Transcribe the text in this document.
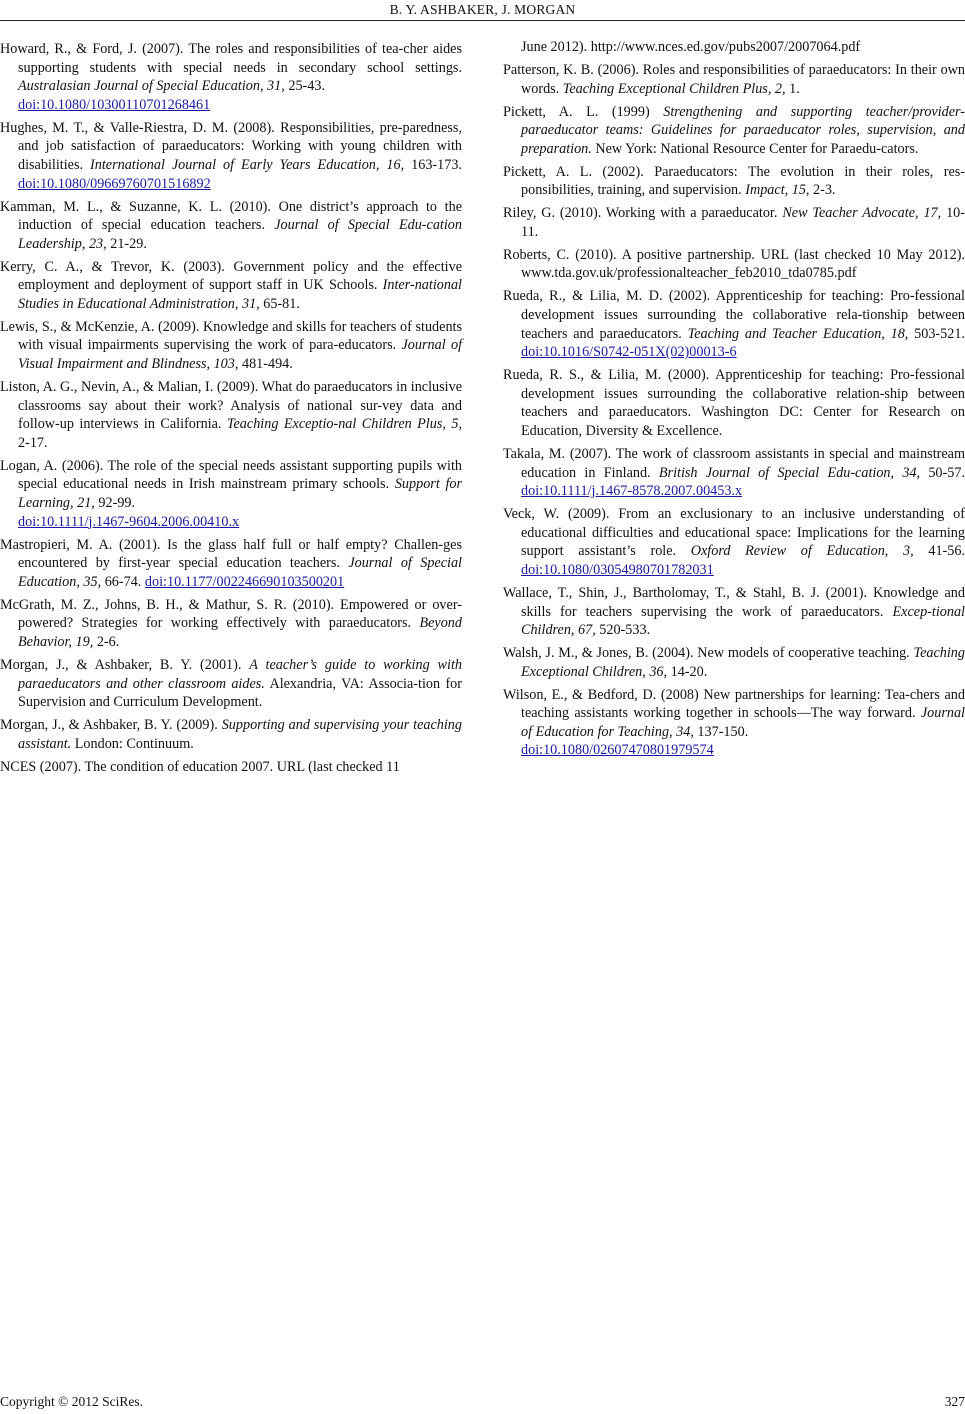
B. Y. ASHBAKER, J. MORGAN

Howard, R., & Ford, J. (2007). The roles and responsibilities of tea-cher aides supporting students with special needs in secondary school settings. Australasian Journal of Special Education, 31, 25-43.
doi:10.1080/10300110701268461

Hughes, M. T., & Valle-Riestra, D. M. (2008). Responsibilities, pre-paredness, and job satisfaction of paraeducators: Working with young children with disabilities. International Journal of Early Years Education, 16, 163-173. doi:10.1080/09669760701516892

Kamman, M. L., & Suzanne, K. L. (2010). One district’s approach to the induction of special education teachers. Journal of Special Edu-cation Leadership, 23, 21-29.

Kerry, C. A., & Trevor, K. (2003). Government policy and the effective employment and deployment of support staff in UK Schools. Inter-national Studies in Educational Administration, 31, 65-81.

Lewis, S., & McKenzie, A. (2009). Knowledge and skills for teachers of students with visual impairments supervising the work of para-educators. Journal of Visual Impairment and Blindness, 103, 481-494.

Liston, A. G., Nevin, A., & Malian, I. (2009). What do paraeducators in inclusive classrooms say about their work? Analysis of national sur-vey data and follow-up interviews in California. Teaching Exceptio-nal Children Plus, 5, 2-17.

Logan, A. (2006). The role of the special needs assistant supporting pupils with special educational needs in Irish mainstream primary schools. Support for Learning, 21, 92-99.
doi:10.1111/j.1467-9604.2006.00410.x

Mastropieri, M. A. (2001). Is the glass half full or half empty? Challen-ges encountered by first-year special education teachers. Journal of Special Education, 35, 66-74. doi:10.1177/002246690103500201

McGrath, M. Z., Johns, B. H., & Mathur, S. R. (2010). Empowered or over-powered? Strategies for working effectively with paraeducators. Beyond Behavior, 19, 2-6.

Morgan, J., & Ashbaker, B. Y. (2001). A teacher’s guide to working with paraeducators and other classroom aides. Alexandria, VA: Associa-tion for Supervision and Curriculum Development.

Morgan, J., & Ashbaker, B. Y. (2009). Supporting and supervising your teaching assistant. London: Continuum.

NCES (2007). The condition of education 2007. URL (last checked 11

June 2012). http://www.nces.ed.gov/pubs2007/2007064.pdf

Patterson, K. B. (2006). Roles and responsibilities of paraeducators: In their own words. Teaching Exceptional Children Plus, 2, 1.

Pickett, A. L. (1999) Strengthening and supporting teacher/provider-paraeducator teams: Guidelines for paraeducator roles, supervision, and preparation. New York: National Resource Center for Paraedu-cators.

Pickett, A. L. (2002). Paraeducators: The evolution in their roles, res-ponsibilities, training, and supervision. Impact, 15, 2-3.

Riley, G. (2010). Working with a paraeducator. New Teacher Advocate, 17, 10-11.

Roberts, C. (2010). A positive partnership. URL (last checked 10 May 2012). www.tda.gov.uk/professionalteacher_feb2010_tda0785.pdf

Rueda, R., & Lilia, M. D. (2002). Apprenticeship for teaching: Pro-fessional development issues surrounding the collaborative rela-tionship between teachers and paraeducators. Teaching and Teacher Education, 18, 503-521. doi:10.1016/S0742-051X(02)00013-6

Rueda, R. S., & Lilia, M. (2000). Apprenticeship for teaching: Pro-fessional development issues surrounding the collaborative relation-ship between teachers and paraeducators. Washington DC: Center for Research on Education, Diversity & Excellence.

Takala, M. (2007). The work of classroom assistants in special and mainstream education in Finland. British Journal of Special Edu-cation, 34, 50-57. doi:10.1111/j.1467-8578.2007.00453.x

Veck, W. (2009). From an exclusionary to an inclusive understanding of educational difficulties and educational space: Implications for the learning support assistant’s role. Oxford Review of Education, 3, 41-56. doi:10.1080/03054980701782031

Wallace, T., Shin, J., Bartholomay, T., & Stahl, B. J. (2001). Knowledge and skills for teachers supervising the work of paraeducators. Excep-tional Children, 67, 520-533.

Walsh, J. M., & Jones, B. (2004). New models of cooperative teaching. Teaching Exceptional Children, 36, 14-20.

Wilson, E., & Bedford, D. (2008) New partnerships for learning: Tea-chers and teaching assistants working together in schools—The way forward. Journal of Education for Teaching, 34, 137-150.
doi:10.1080/02607470801979574

Copyright © 2012 SciRes.	327
